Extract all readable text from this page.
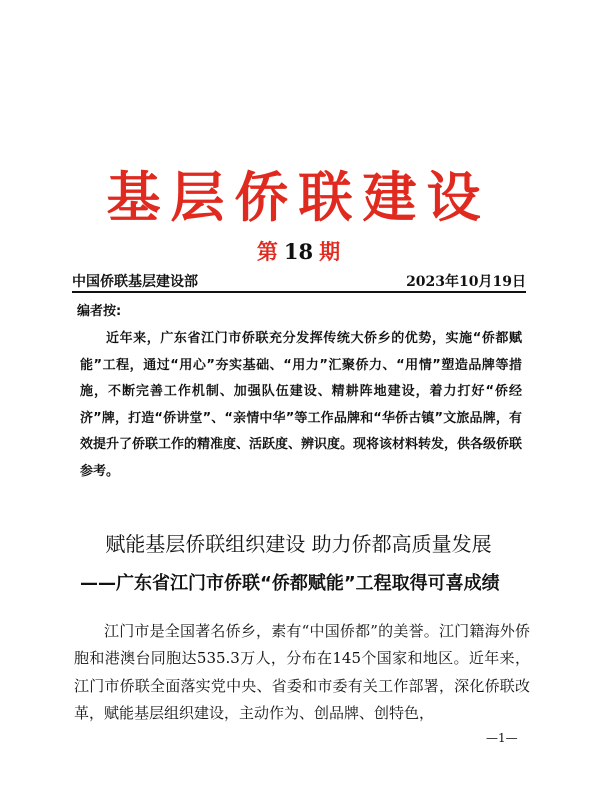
基层侨联建设
第 18 期
中国侨联基层建设部	2023年10月19日
编者按:

近年来，广东省江门市侨联充分发挥传统大侨乡的优势，实施“侨都赋能”工程，通过“用心”夯实基础、“用力”汇聚侨力、“用情”塑造品牌等措施，不断完善工作机制、加强队伍建设、精耕阵地建设，着力打好“侨经济”牌，打造“侨讲堂”、“亲情中华”等工作品牌和“华侨古镇”文旅品牌，有效提升了侨联工作的精准度、活跃度、辨识度。现将该材料转发，供各级侨联参考。

赋能基层侨联组织建设 助力侨都高质量发展
——广东省江门市侨联“侨都赋能”工程取得可喜成绩

江门市是全国著名侨乡，素有“中国侨都”的美誉。江门籍海外侨胞和港澳台同胞达535.3万人，分布在145个国家和地区。近年来，江门市侨联全面落实党中央、省委和市委有关工作部署，深化侨联改革，赋能基层组织建设，主动作为、创品牌、创特色，

—1—
